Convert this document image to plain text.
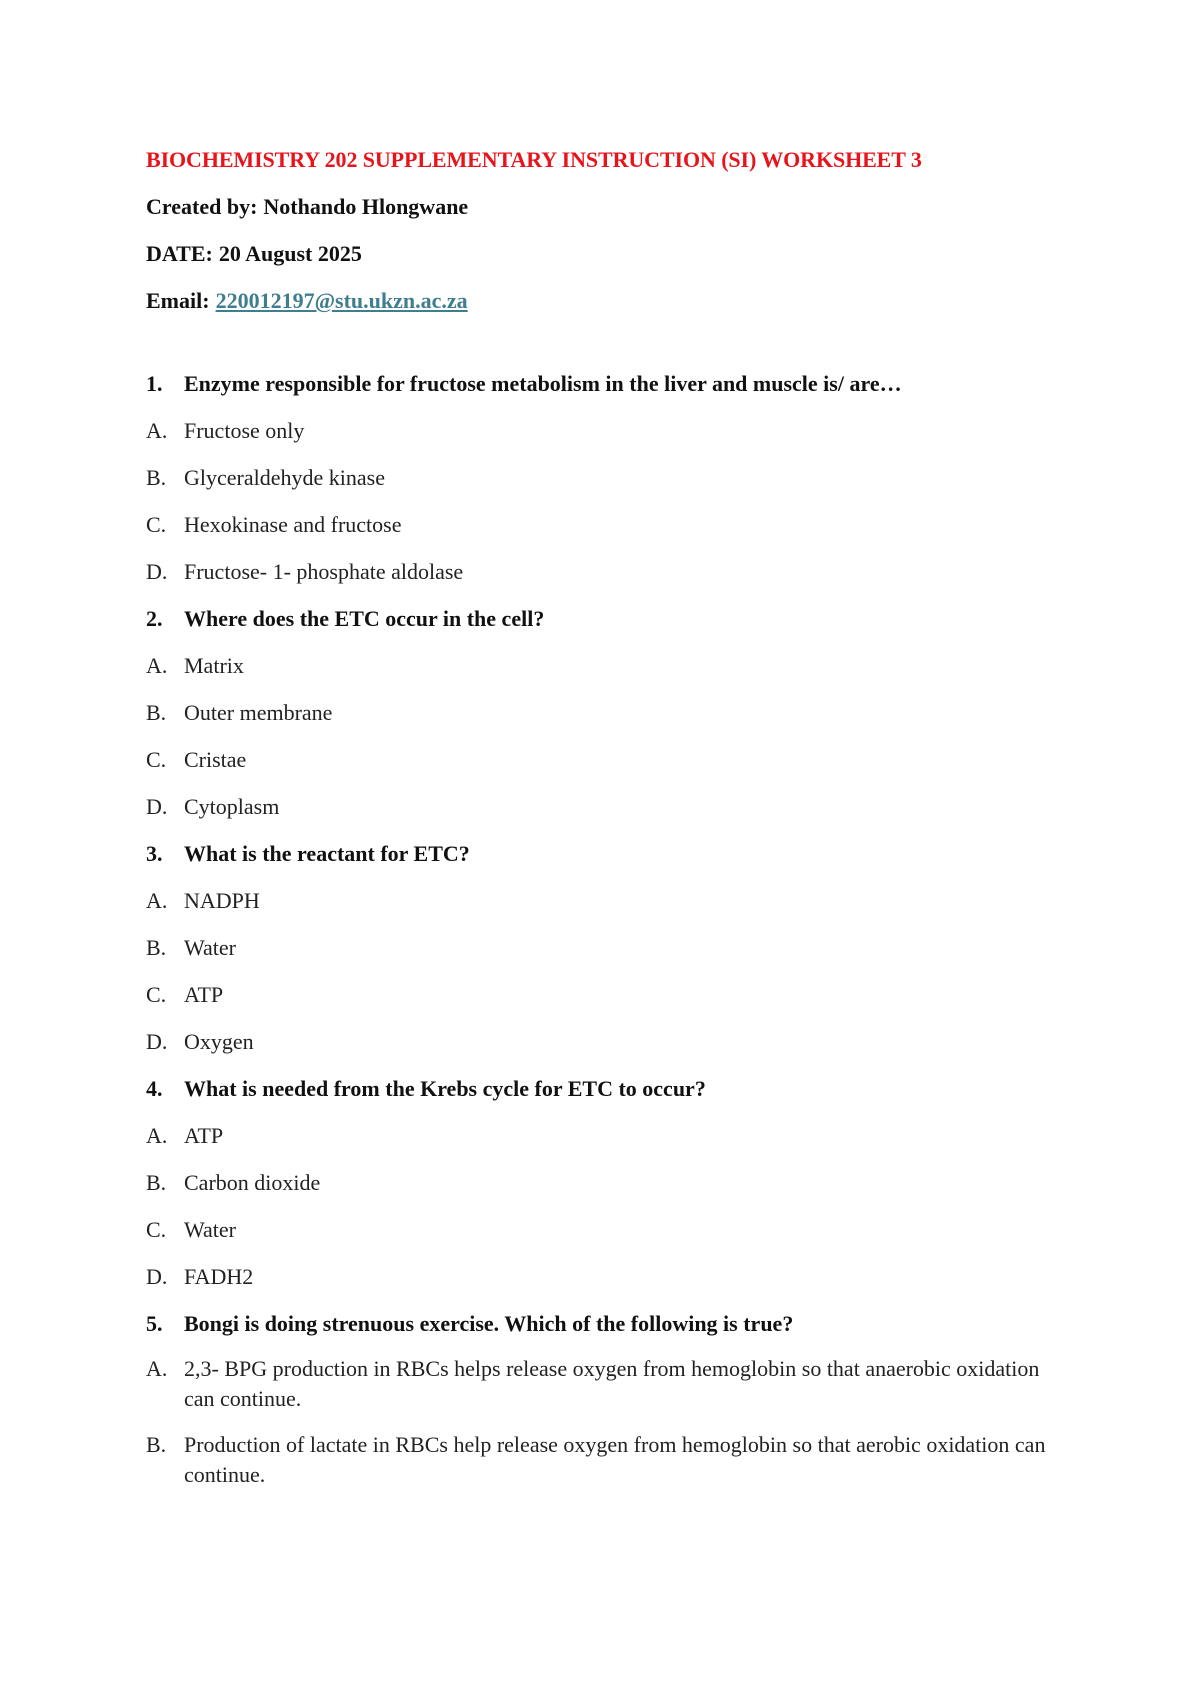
BIOCHEMISTRY 202 SUPPLEMENTARY INSTRUCTION (SI) WORKSHEET 3
Created by: Nothando Hlongwane
DATE: 20 August 2025
Email: 220012197@stu.ukzn.ac.za
1. Enzyme responsible for fructose metabolism in the liver and muscle is/ are…
A. Fructose only
B. Glyceraldehyde kinase
C. Hexokinase and fructose
D. Fructose- 1- phosphate aldolase
2. Where does the ETC occur in the cell?
A. Matrix
B. Outer membrane
C. Cristae
D. Cytoplasm
3. What is the reactant for ETC?
A. NADPH
B. Water
C. ATP
D. Oxygen
4. What is needed from the Krebs cycle for ETC to occur?
A. ATP
B. Carbon dioxide
C. Water
D. FADH2
5. Bongi is doing strenuous exercise. Which of the following is true?
A. 2,3- BPG production in RBCs helps release oxygen from hemoglobin so that anaerobic oxidation can continue.
B. Production of lactate in RBCs help release oxygen from hemoglobin so that aerobic oxidation can continue.
